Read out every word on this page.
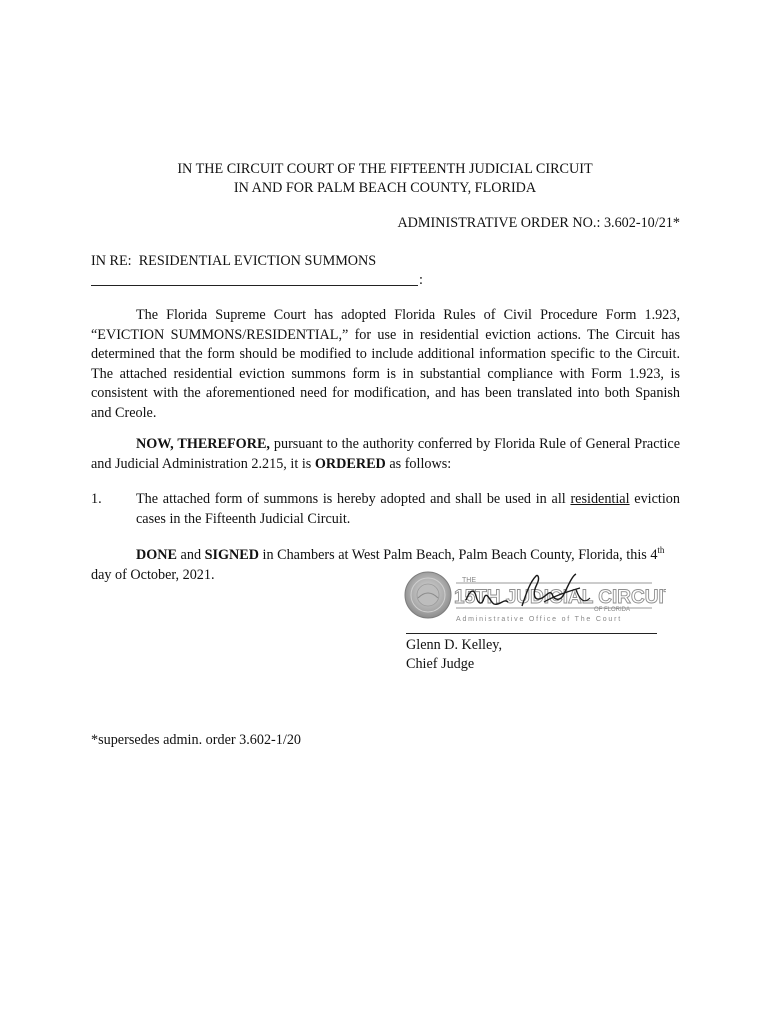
IN THE CIRCUIT COURT OF THE FIFTEENTH JUDICIAL CIRCUIT
IN AND FOR PALM BEACH COUNTY, FLORIDA
ADMINISTRATIVE ORDER NO.: 3.602-10/21*
IN RE: RESIDENTIAL EVICTION SUMMONS
:
The Florida Supreme Court has adopted Florida Rules of Civil Procedure Form 1.923, “EVICTION SUMMONS/RESIDENTIAL,” for use in residential eviction actions. The Circuit has determined that the form should be modified to include additional information specific to the Circuit. The attached residential eviction summons form is in substantial compliance with Form 1.923, is consistent with the aforementioned need for modification, and has been translated into both Spanish and Creole.
NOW, THEREFORE, pursuant to the authority conferred by Florida Rule of General Practice and Judicial Administration 2.215, it is ORDERED as follows:
1. The attached form of summons is hereby adopted and shall be used in all residential eviction cases in the Fifteenth Judicial Circuit.
DONE and SIGNED in Chambers at West Palm Beach, Palm Beach County, Florida, this 4th day of October, 2021.	THE
15TH JUDICIAL CIRCUIT
OF FLORIDA
Administrative Office of The Court
Glenn D. Kelley,
Chief Judge
*supersedes admin. order 3.602-1/20
